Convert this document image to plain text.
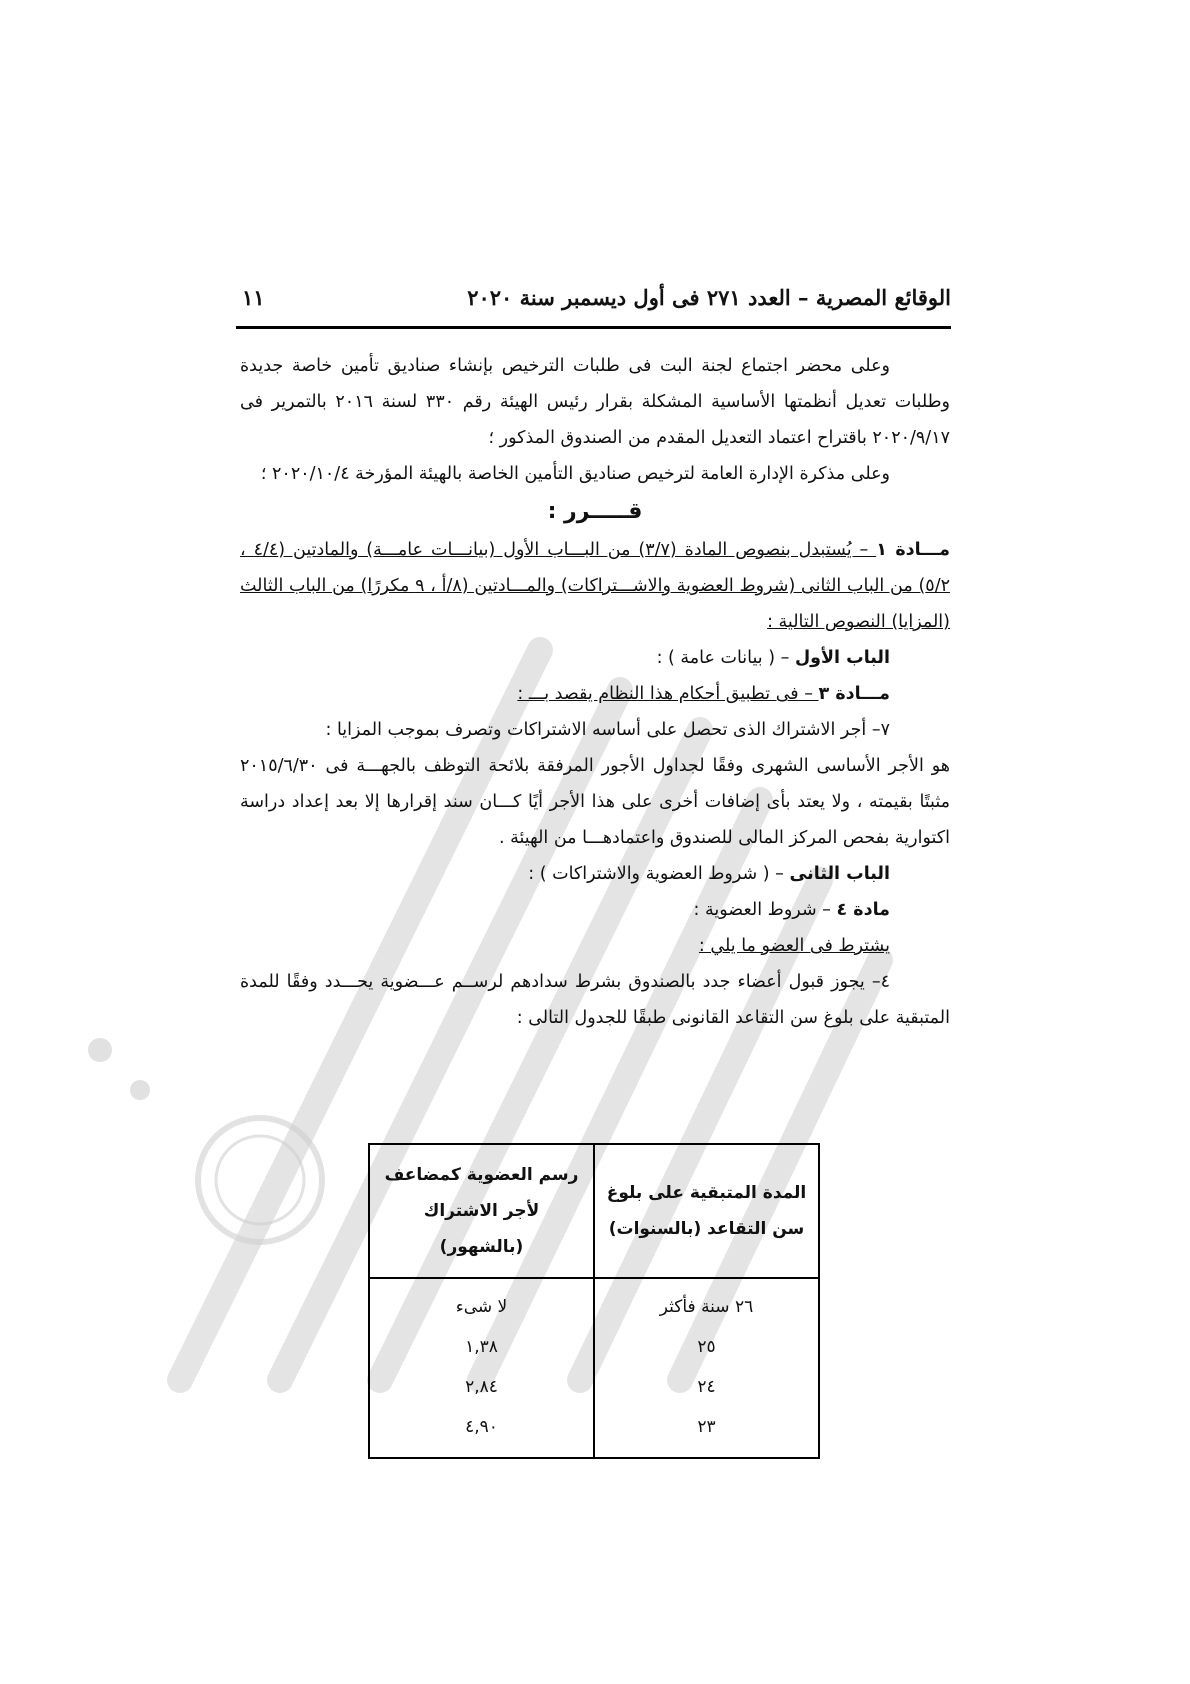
الوقائع المصرية – العدد ٢٧١ فى أول ديسمبر سنة ٢٠٢٠
١١

وعلى محضر اجتماع لجنة البت فى طلبات الترخيص بإنشاء صناديق تأمين خاصة جديدة وطلبات تعديل أنظمتها الأساسية المشكلة بقرار رئيس الهيئة رقم ٣٣٠ لسنة ٢٠١٦ بالتمرير فى ٢٠٢٠/٩/١٧ باقتراح اعتماد التعديل المقدم من الصندوق المذكور ؛

وعلى مذكرة الإدارة العامة لترخيص صناديق التأمين الخاصة بالهيئة المؤرخة ٢٠٢٠/١٠/٤ ؛

قـــــرر :

مـــادة ١ – يُستبدل بنصوص المادة (٣/٧) من البـــاب الأول (بيانـــات عامـــة) والمادتين (٤/٤ ، ٥/٢) من الباب الثانى (شروط العضوية والاشـــتراكات) والمـــادتين (٨/أ ، ٩ مكررًا) من الباب الثالث (المزايا) النصوص التالية :

الباب الأول – ( بيانات عامة ) :

مـــادة ٣ – فى تطبيق أحكام هذا النظام يقصد بـــ :

٧– أجر الاشتراك الذى تحصل على أساسه الاشتراكات وتصرف بموجب المزايا :

هو الأجر الأساسى الشهرى وفقًا لجداول الأجور المرفقة بلائحة التوظف بالجهـــة فى ٢٠١٥/٦/٣٠ مثبتًا بقيمته ، ولا يعتد بأى إضافات أخرى على هذا الأجر أيًا كـــان سند إقرارها إلا بعد إعداد دراسة اكتوارية بفحص المركز المالى للصندوق واعتمادهـــا من الهيئة .

الباب الثانى – ( شروط العضوية والاشتراكات ) :

مادة ٤ – شروط العضوية :

يشترط فى العضو ما يلي :

٤– يجوز قبول أعضاء جدد بالصندوق بشرط سدادهم لرســم عـــضوية يحـــدد وفقًا للمدة المتبقية على بلوغ سن التقاعد القانونى طبقًا للجدول التالى :

المدة المتبقية على بلوغ سن التقاعد (بالسنوات)	رسم العضوية كمضاعف لأجر الاشتراك (بالشهور)
٢٦ سنة فأكثر	لا شىء
٢٥	١,٣٨
٢٤	٢,٨٤
٢٣	٤,٩٠
